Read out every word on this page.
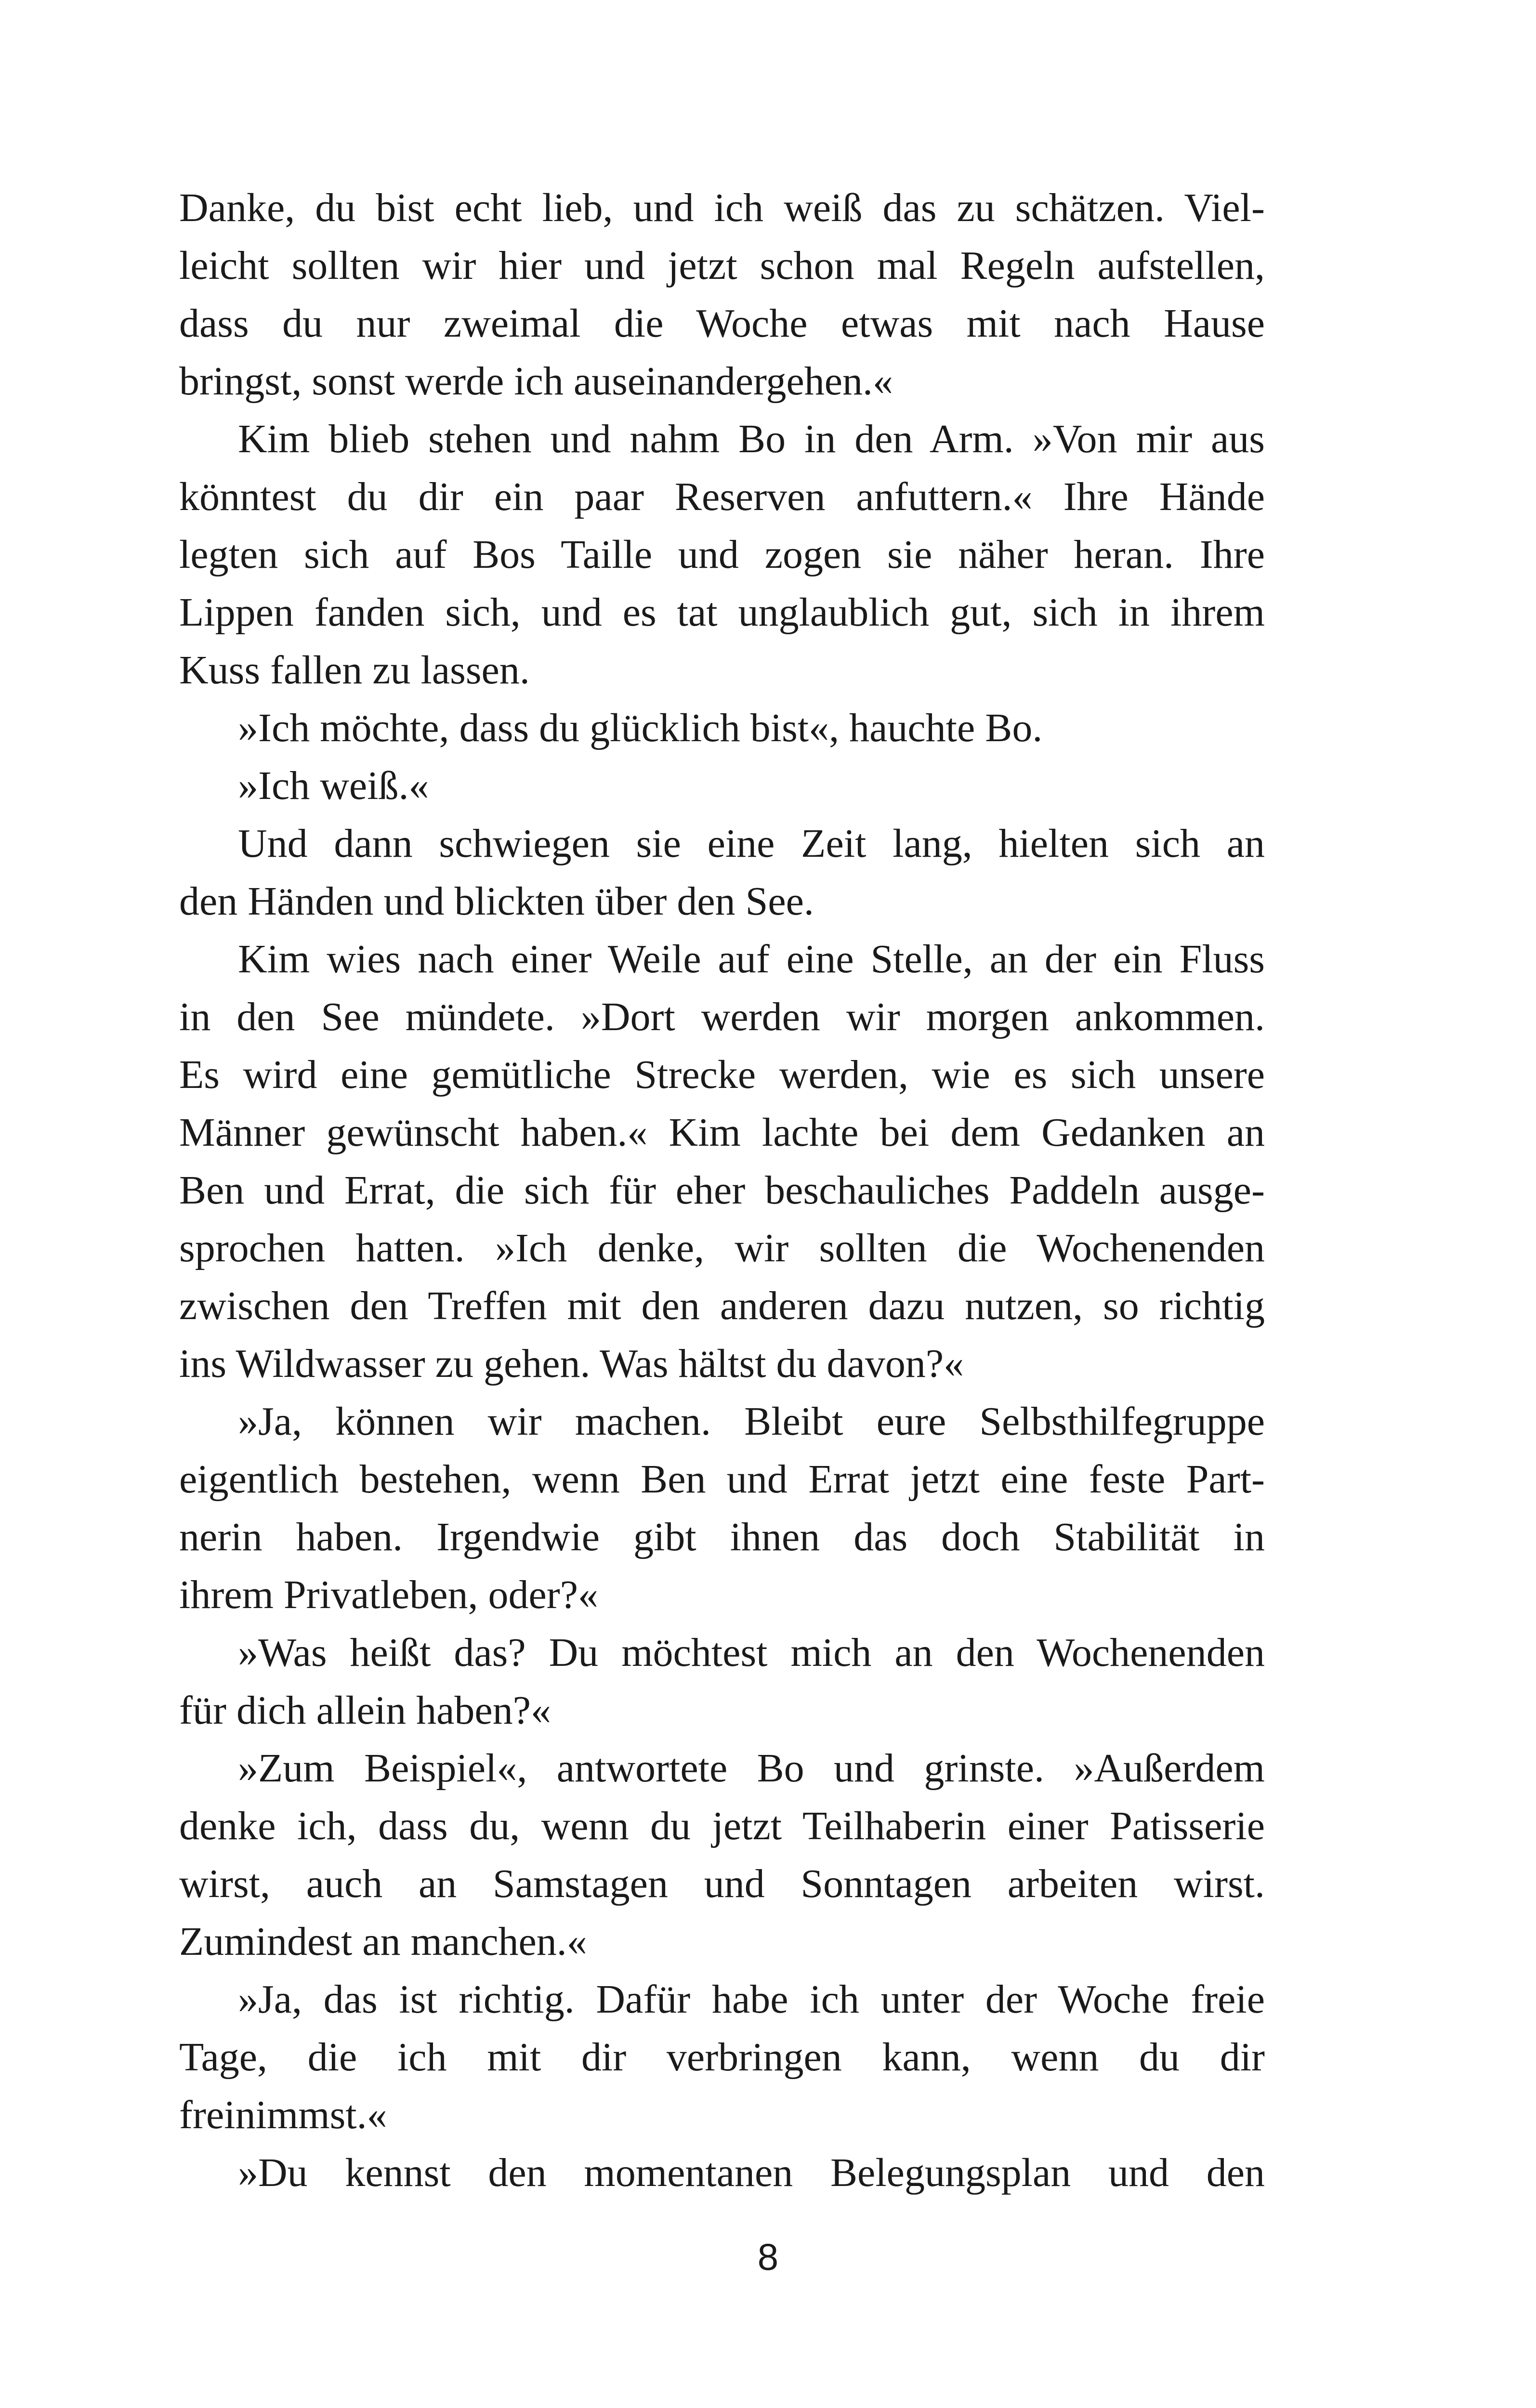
Danke, du bist echt lieb, und ich weiß das zu schätzen. Viel-

leicht sollten wir hier und jetzt schon mal Regeln aufstellen,

dass du nur zweimal die Woche etwas mit nach Hause

bringst, sonst werde ich auseinandergehen.«

Kim blieb stehen und nahm Bo in den Arm. »Von mir aus

könntest du dir ein paar Reserven anfuttern.« Ihre Hände

legten sich auf Bos Taille und zogen sie näher heran. Ihre

Lippen fanden sich, und es tat unglaublich gut, sich in ihrem

Kuss fallen zu lassen.

»Ich möchte, dass du glücklich bist«, hauchte Bo.

»Ich weiß.«

Und dann schwiegen sie eine Zeit lang, hielten sich an

den Händen und blickten über den See.

Kim wies nach einer Weile auf eine Stelle, an der ein Fluss

in den See mündete. »Dort werden wir morgen ankommen.

Es wird eine gemütliche Strecke werden, wie es sich unsere

Männer gewünscht haben.« Kim lachte bei dem Gedanken an

Ben und Errat, die sich für eher beschauliches Paddeln ausge-

sprochen hatten. »Ich denke, wir sollten die Wochenenden

zwischen den Treffen mit den anderen dazu nutzen, so richtig

ins Wildwasser zu gehen. Was hältst du davon?«

»Ja, können wir machen. Bleibt eure Selbsthilfegruppe

eigentlich bestehen, wenn Ben und Errat jetzt eine feste Part-

nerin haben. Irgendwie gibt ihnen das doch Stabilität in

ihrem Privatleben, oder?«

»Was heißt das? Du möchtest mich an den Wochenenden

für dich allein haben?«

»Zum Beispiel«, antwortete Bo und grinste. »Außerdem

denke ich, dass du, wenn du jetzt Teilhaberin einer Patisserie

wirst, auch an Samstagen und Sonntagen arbeiten wirst.

Zumindest an manchen.«

»Ja, das ist richtig. Dafür habe ich unter der Woche freie

Tage, die ich mit dir verbringen kann, wenn du dir

freinimmst.«

»Du kennst den momentanen Belegungsplan und den

8
